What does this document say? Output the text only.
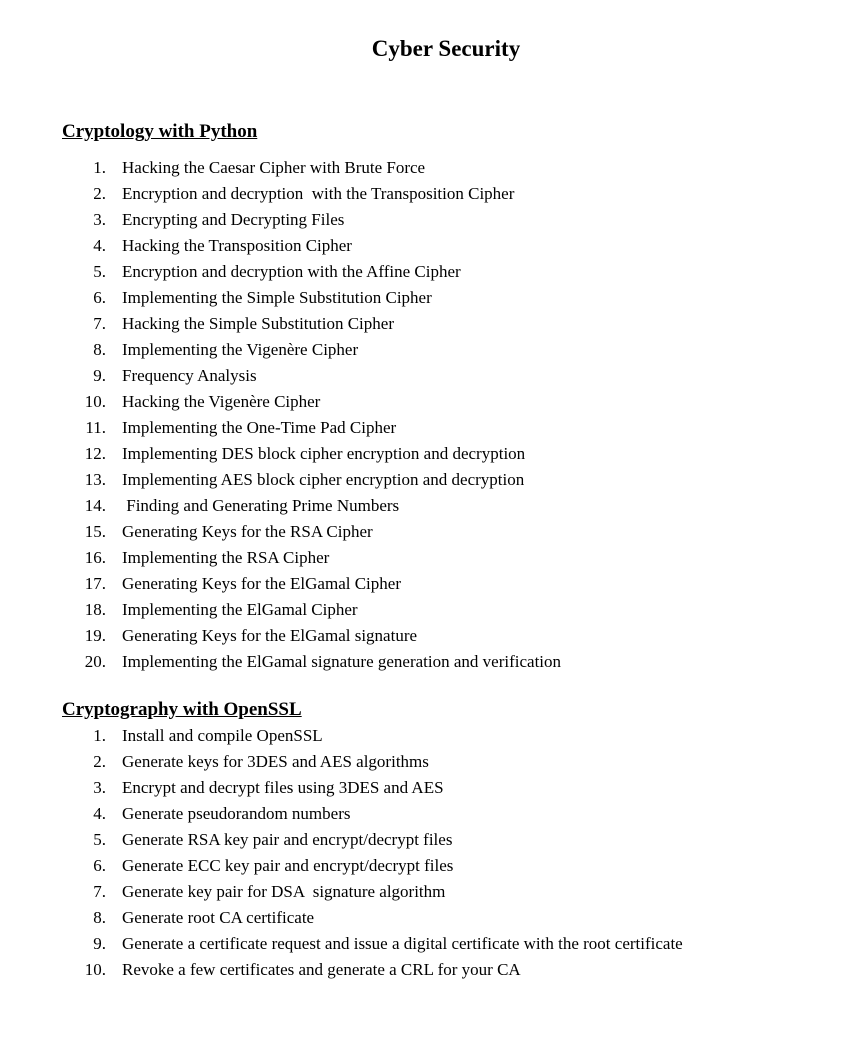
Cyber Security
Cryptology with Python
1. Hacking the Caesar Cipher with Brute Force
2. Encryption and decryption  with the Transposition Cipher
3. Encrypting and Decrypting Files
4. Hacking the Transposition Cipher
5. Encryption and decryption with the Affine Cipher
6. Implementing the Simple Substitution Cipher
7. Hacking the Simple Substitution Cipher
8. Implementing the Vigenère Cipher
9. Frequency Analysis
10. Hacking the Vigenère Cipher
11. Implementing the One-Time Pad Cipher
12. Implementing DES block cipher encryption and decryption
13. Implementing AES block cipher encryption and decryption
14. Finding and Generating Prime Numbers
15. Generating Keys for the RSA Cipher
16. Implementing the RSA Cipher
17. Generating Keys for the ElGamal Cipher
18. Implementing the ElGamal Cipher
19. Generating Keys for the ElGamal signature
20. Implementing the ElGamal signature generation and verification
Cryptography with OpenSSL
1. Install and compile OpenSSL
2. Generate keys for 3DES and AES algorithms
3. Encrypt and decrypt files using 3DES and AES
4. Generate pseudorandom numbers
5. Generate RSA key pair and encrypt/decrypt files
6. Generate ECC key pair and encrypt/decrypt files
7. Generate key pair for DSA  signature algorithm
8. Generate root CA certificate
9. Generate a certificate request and issue a digital certificate with the root certificate
10. Revoke a few certificates and generate a CRL for your CA
